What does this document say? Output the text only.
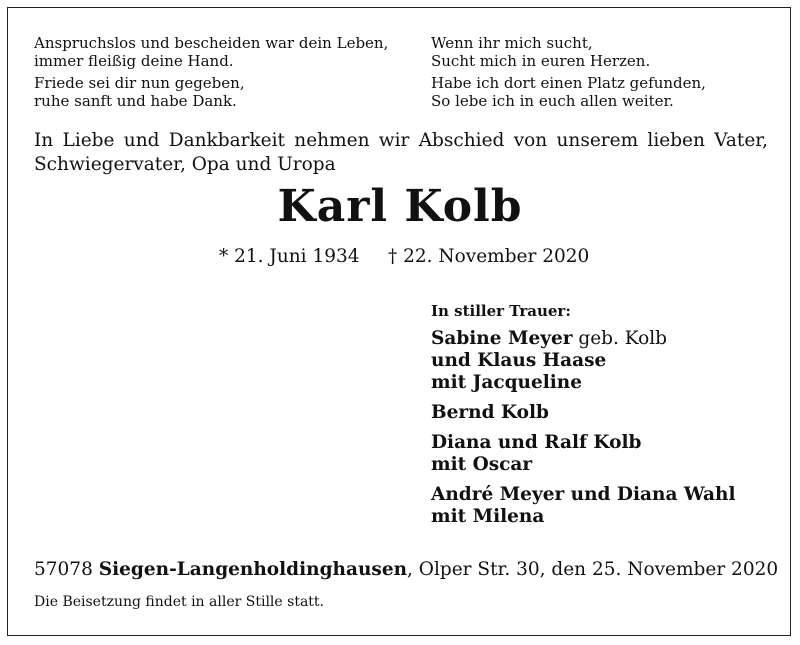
Anspruchslos und bescheiden war dein Leben,
immer fleißig deine Hand.

Friede sei dir nun gegeben,
ruhe sanft und habe Dank.

Wenn ihr mich sucht,
Sucht mich in euren Herzen.

Habe ich dort einen Platz gefunden,
So lebe ich in euch allen weiter.

In Liebe und Dankbarkeit nehmen wir Abschied von unserem lieben Vater, Schwiegervater, Opa und Uropa
Karl Kolb
* 21. Juni 1934 † 22. November 2020
In stiller Trauer:
Sabine Meyer geb. Kolb
und Klaus Haase
mit Jacqueline
Bernd Kolb
Diana und Ralf Kolb
mit Oscar
André Meyer und Diana Wahl
mit Milena
57078 Siegen-Langenholdinghausen, Olper Str. 30, den 25. November 2020
Die Beisetzung findet in aller Stille statt.
